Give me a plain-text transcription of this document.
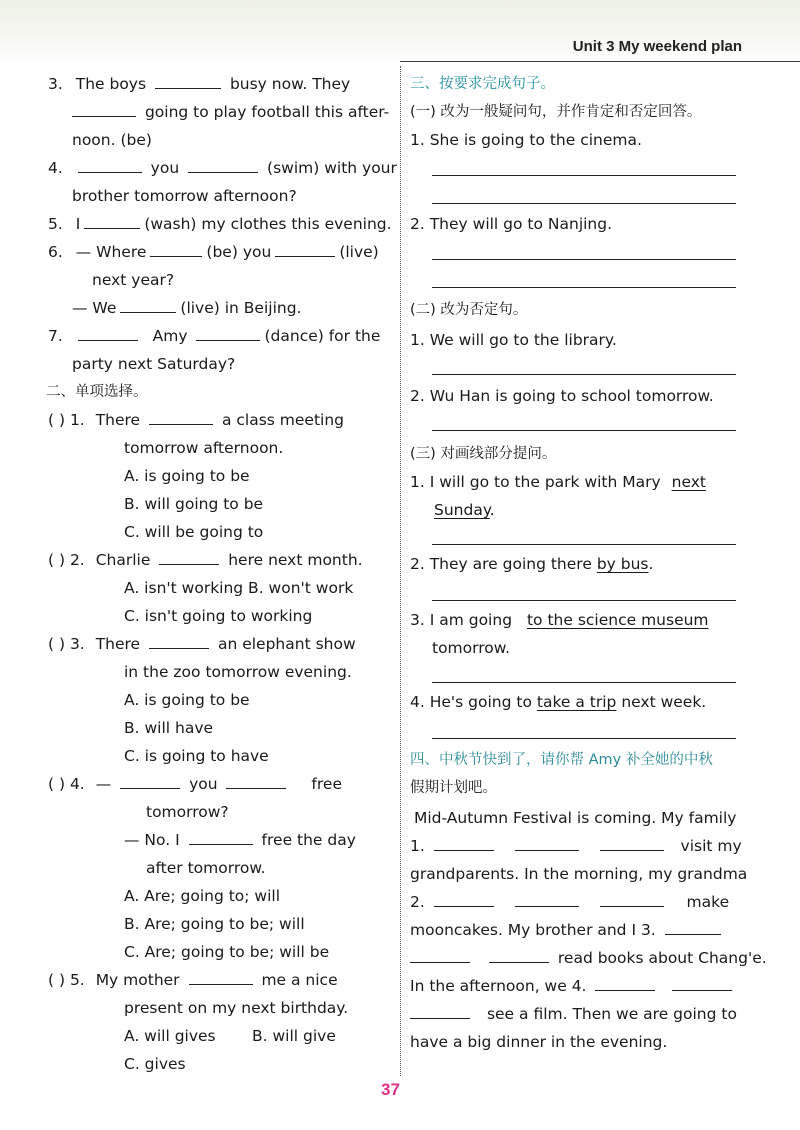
Unit 3 My weekend plan
3. The boys	busy now. They
going to play football this after-
noon. (be)
4.	you	(swim) with your
brother tomorrow afternoon?
5. I	(wash) my clothes this evening.
6. — Where	(be) you	(live)
next year?
— We	(live) in Beijing.
7.	Amy	(dance) for the
party next Saturday?
二、单项选择。
( ) 1. There	a class meeting
tomorrow afternoon.
A. is going to be
B. will going to be
C. will be going to
( ) 2. Charlie	here next month.
A. isn't working B. won't work
C. isn't going to working
( ) 3. There	an elephant show
in the zoo tomorrow evening.
A. is going to be
B. will have
C. is going to have
( ) 4. —	you	free
tomorrow?
— No. I	free the day
after tomorrow.
A. Are; going to; will
B. Are; going to be; will
C. Are; going to be; will be
( ) 5. My mother	me a nice
present on my next birthday.
A. will gives B. will give
C. gives
三、按要求完成句子。
(一) 改为一般疑问句，并作肯定和否定回答。
1. She is going to the cinema.
2. They will go to Nanjing.
(二) 改为否定句。
1. We will go to the library.
2. Wu Han is going to school tomorrow.
(三) 对画线部分提问。
1. I will go to the park with Mary next
Sunday.
2. They are going there by bus.
3. I am going to the science museum
tomorrow.
4. He's going to take a trip next week.
四、中秋节快到了，请你帮 Amy 补全她的中秋
假期计划吧。
Mid-Autumn Festival is coming. My family
1.	visit my
grandparents. In the morning, my grandma
2.	make
mooncakes. My brother and I 3.
read books about Chang'e.
In the afternoon, we 4.
see a film. Then we are going to
have a big dinner in the evening.
37
